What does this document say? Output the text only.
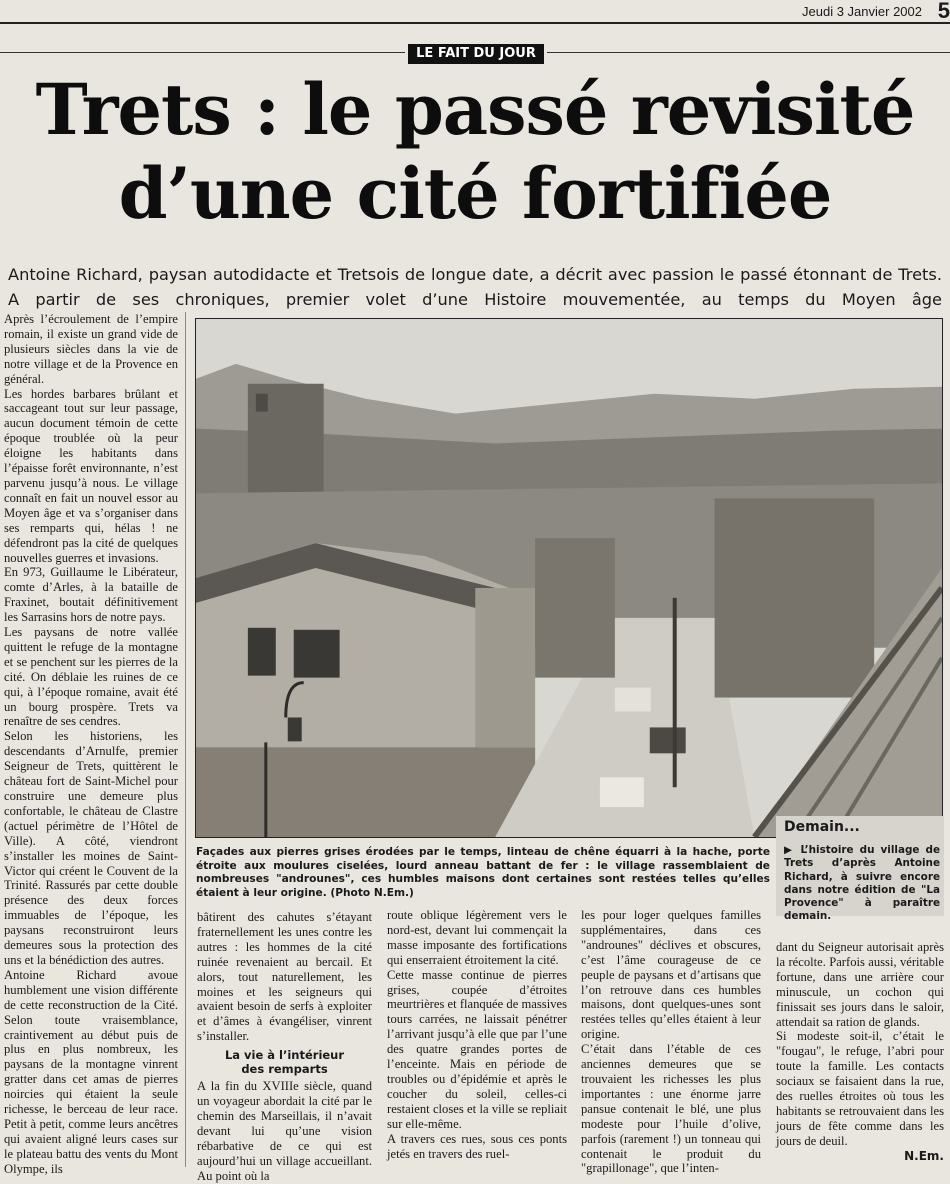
Jeudi 3 Janvier 2002 5
LE FAIT DU JOUR
Trets : le passé revisité
d’une cité fortifiée

Antoine Richard, paysan autodidacte et Tretsois de longue date, a décrit avec passion le passé étonnant de Trets. A partir de ses chroniques, premier volet d’une Histoire mouvementée, au temps du Moyen âge

Après l’écroulement de l’empire romain, il existe un grand vide de plusieurs siècles dans la vie de notre village et de la Provence en général.

Les hordes barbares brûlant et saccageant tout sur leur passage, aucun document témoin de cette époque troublée où la peur éloigne les habitants dans l’épaisse forêt environnante, n’est parvenu jusqu’à nous. Le village connaît en fait un nouvel essor au Moyen âge et va s’organiser dans ses remparts qui, hélas ! ne défendront pas la cité de quelques nouvelles guerres et invasions.

En 973, Guillaume le Libérateur, comte d’Arles, à la bataille de Fraxinet, boutait définitivement les Sarrasins hors de notre pays.

Les paysans de notre vallée quittent le refuge de la montagne et se penchent sur les pierres de la cité. On déblaie les ruines de ce qui, à l’époque romaine, avait été un bourg prospère. Trets va renaître de ses cendres.

Selon les historiens, les descendants d’Arnulfe, premier Seigneur de Trets, quittèrent le château fort de Saint-Michel pour construire une demeure plus confortable, le château de Clastre (actuel périmètre de l’Hôtel de Ville). A côté, viendront s’installer les moines de Saint-Victor qui créent le Couvent de la Trinité. Rassurés par cette double présence des deux forces immuables de l’époque, les paysans reconstruiront leurs demeures sous la protection des uns et la bénédiction des autres.

Antoine Richard avoue humblement une vision différente de cette reconstruction de la Cité. Selon toute vraisemblance, craintivement au début puis de plus en plus nombreux, les paysans de la montagne vinrent gratter dans cet amas de pierres noircies qui étaient la seule richesse, le berceau de leur race. Petit à petit, comme leurs ancêtres qui avaient aligné leurs cases sur le plateau battu des vents du Mont Olympe, ils

Façades aux pierres grises érodées par le temps, linteau de chêne équarri à la hache, porte étroite aux moulures ciselées, lourd anneau battant de fer : le village rassemblaient de nombreuses "androunes", ces humbles maisons dont certaines sont restées telles qu’elles étaient à leur origine. (Photo N.Em.)

Demain...

▶ L’histoire du village de Trets d’après Antoine Richard, à suivre encore dans notre édition de "La Provence" à paraître demain.

bâtirent des cahutes s’étayant fraternellement les unes contre les autres : les hommes de la cité ruinée revenaient au bercail. Et alors, tout naturellement, les moines et les seigneurs qui avaient besoin de serfs à exploiter et d’âmes à évangéliser, vinrent s’installer.

La vie à l’intérieur
des remparts

A la fin du XVIIIe siècle, quand un voyageur abordait la cité par le chemin des Marseillais, il n’avait devant lui qu’une vision rébarbative de ce qui est aujourd’hui un village accueillant. Au point où la

route oblique légèrement vers le nord-est, devant lui commençait la masse imposante des fortifications qui enserraient étroitement la cité.

Cette masse continue de pierres grises, coupée d’étroites meurtrières et flanquée de massives tours carrées, ne laissait pénétrer l’arrivant jusqu’à elle que par l’une des quatre grandes portes de l’enceinte. Mais en période de troubles ou d’épidémie et après le coucher du soleil, celles-ci restaient closes et la ville se repliait sur elle-même.

A travers ces rues, sous ces ponts jetés en travers des ruel-

les pour loger quelques familles supplémentaires, dans ces "androunes" déclives et obscures, c’est l’âme courageuse de ce peuple de paysans et d’artisans que l’on retrouve dans ces humbles maisons, dont quelques-unes sont restées telles qu’elles étaient à leur origine.

C’était dans l’étable de ces anciennes demeures que se trouvaient les richesses les plus importantes : une énorme jarre pansue contenait le blé, une plus modeste pour l’huile d’olive, parfois (rarement !) un tonneau qui contenait le produit du "grapillonage", que l’inten-

dant du Seigneur autorisait après la récolte. Parfois aussi, véritable fortune, dans une arrière cour minuscule, un cochon qui finissait ses jours dans le saloir, attendait sa ration de glands.

Si modeste soit-il, c’était le "fougau", le refuge, l’abri pour toute la famille. Les contacts sociaux se faisaient dans la rue, des ruelles étroites où tous les habitants se retrouvaient dans les jours de fête comme dans les jours de deuil.

N.Em.
